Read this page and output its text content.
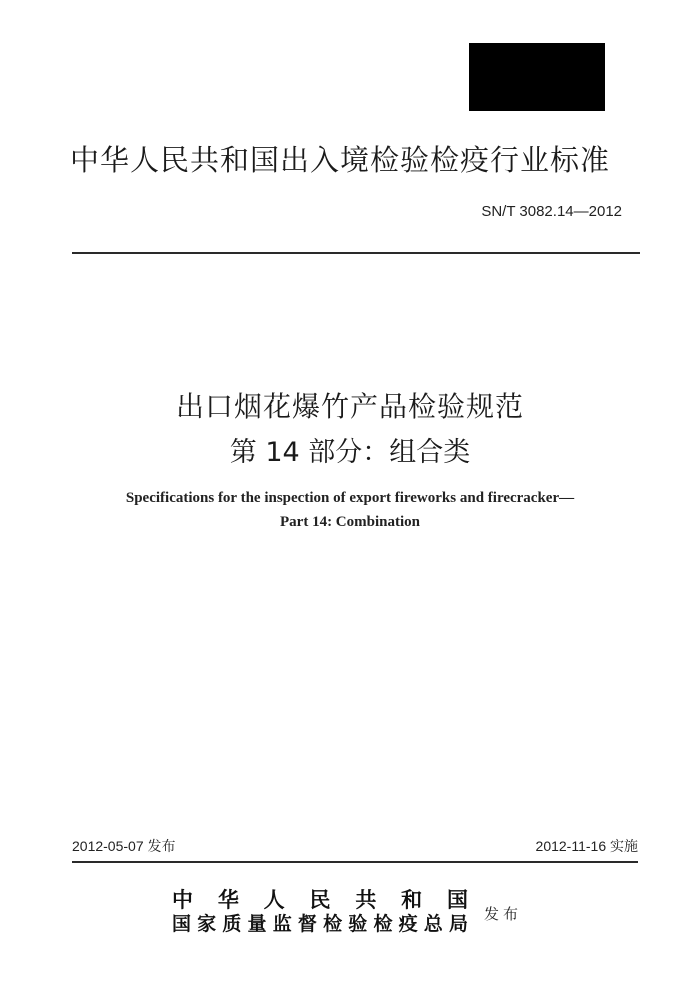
中华人民共和国出入境检验检疫行业标准
SN/T 3082.14—2012
出口烟花爆竹产品检验规范
第 14 部分：组合类
Specifications for the inspection of export fireworks and firecracker—
Part 14: Combination
2012-05-07 发布	2012-11-16 实施
中华人民共和国
国家质量监督检验检疫总局 发布
